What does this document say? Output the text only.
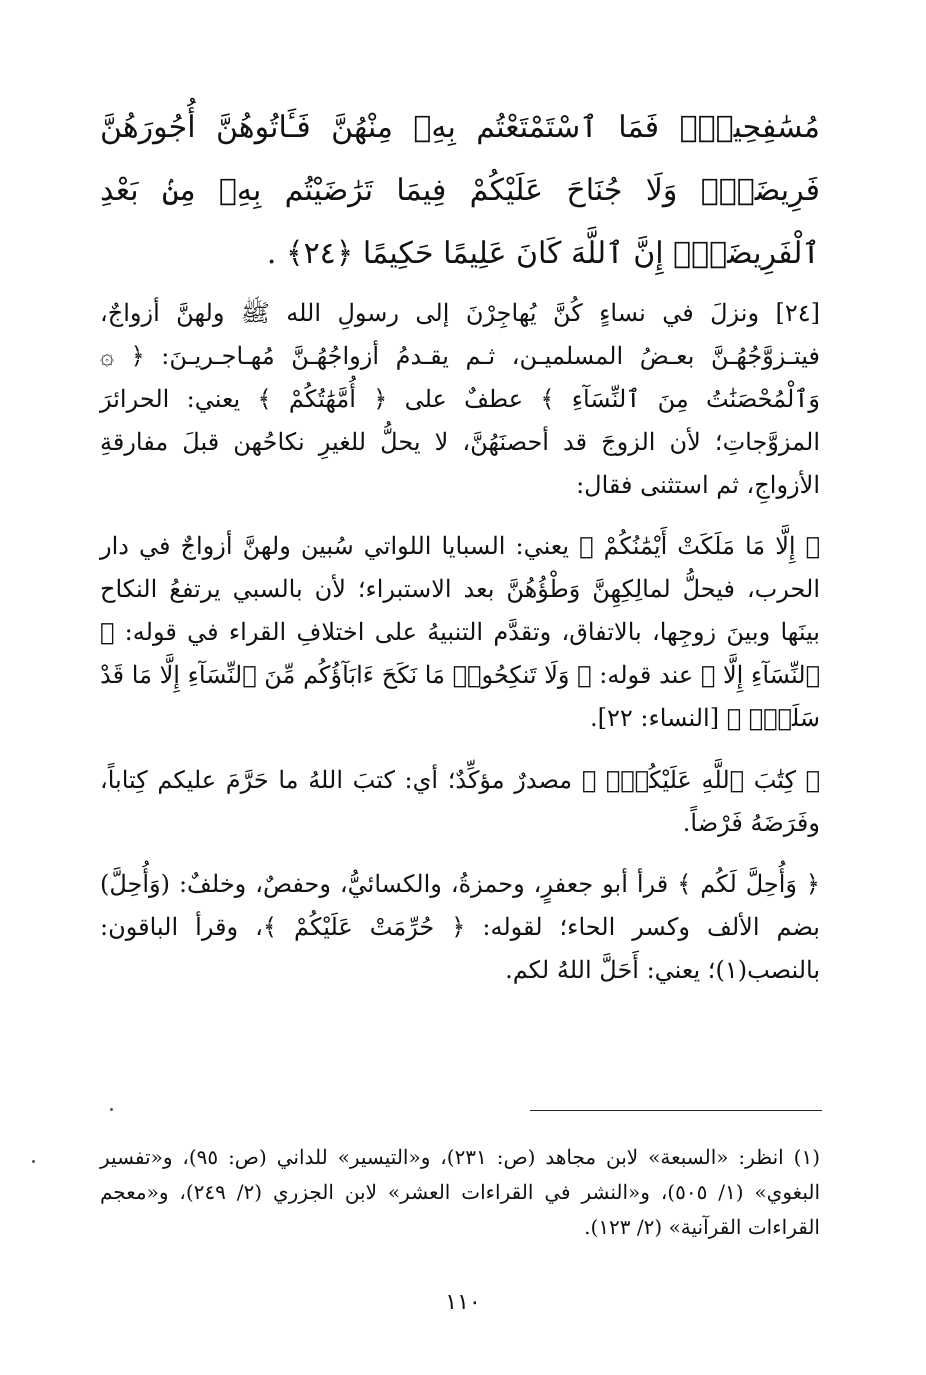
مُسَٰفِحِينَۚ فَمَا ٱسْتَمْتَعْتُم بِهِۦ مِنْهُنَّ فَـَٔاتُوهُنَّ أُجُورَهُنَّ فَرِيضَةًۚ وَلَا جُنَاحَ عَلَيْكُمْ فِيمَا تَرَٰضَيْتُم بِهِۦ مِنۢ بَعْدِ ٱلْفَرِيضَةِۚ إِنَّ ٱللَّهَ كَانَ عَلِيمًا حَكِيمًا ﴿٢٤﴾ .

[٢٤] ونزلَ في نساءٍ كُنَّ يُهاجِرْنَ إلى رسولِ الله ﷺ ولهنَّ أزواجٌ، فيتـزوَّجُهُـنَّ بعـضُ المسلميـن، ثـم يقـدمُ أزواجُهُـنَّ مُهـاجـريـنَ: ﴿ ۞ وَٱلْمُحْصَنَٰتُ مِنَ ٱلنِّسَآءِ ﴾ عطفٌ على ﴿ أُمَّهَٰتُكُمْ ﴾ يعني: الحرائرَ المزوَّجاتِ؛ لأن الزوجَ قد أحصنَهُنَّ، لا يحلُّ للغيرِ نكاحُهن قبلَ مفارقةِ الأزواجِ، ثم استثنى فقال:

﴿ إِلَّا مَا مَلَكَتْ أَيْمَٰنُكُمْ ﴾ يعني: السبايا اللواتي سُبين ولهنَّ أزواجٌ في دار الحرب، فيحلُّ لمالِكِهِنَّ وَطْؤُهُنَّ بعد الاستبراء؛ لأن بالسبي يرتفعُ النكاح بينَها وبينَ زوجِها، بالاتفاق، وتقدَّم التنبيهُ على اختلافِ القراء في قوله: ﴿ ٱلنِّسَآءِ إِلَّا ﴾ عند قوله: ﴿ وَلَا تَنكِحُوا۟ مَا نَكَحَ ءَابَآؤُكُم مِّنَ ٱلنِّسَآءِ إِلَّا مَا قَدْ سَلَفَۚ ﴾ [النساء: ٢٢].

﴿ كِتَٰبَ ٱللَّهِ عَلَيْكُمْۚ ﴾ مصدرٌ مؤكِّدٌ؛ أي: كتبَ اللهُ ما حَرَّمَ عليكم كِتاباً، وفَرَضَهُ فَرْضاً.

﴿ وَأُحِلَّ لَكُم ﴾ قرأ أبو جعفرٍ، وحمزةُ، والكسائيُّ، وحفصٌ، وخلفٌ: (وَأُحِلَّ) بضم الألف وكسر الحاء؛ لقوله: ﴿ حُرِّمَتْ عَلَيْكُمْ ﴾، وقرأ الباقون: بالنصب(١)؛ يعني: أَحَلَّ اللهُ لكم.

(١) انظر: «السبعة» لابن مجاهد (ص: ٢٣١)، و«التيسير» للداني (ص: ٩٥)، و«تفسير البغوي» (١/ ٥٠٥)، و«النشر في القراءات العشر» لابن الجزري (٢/ ٢٤٩)، و«معجم القراءات القرآنية» (٢/ ١٢٣).
١١٠
